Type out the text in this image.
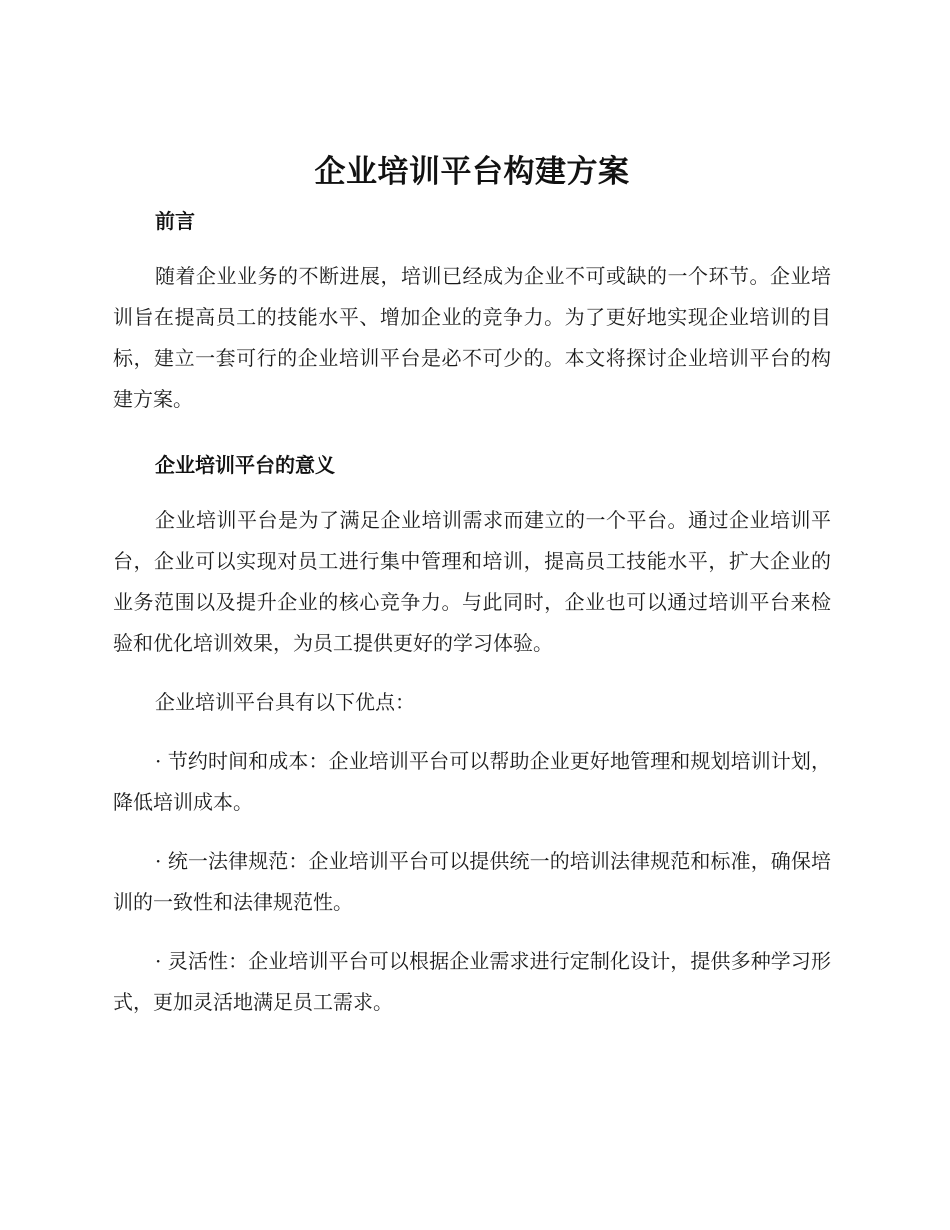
企业培训平台构建方案
前言

随着企业业务的不断进展，培训已经成为企业不可或缺的一个环节。企业培训旨在提高员工的技能水平、增加企业的竞争力。为了更好地实现企业培训的目标，建立一套可行的企业培训平台是必不可少的。本文将探讨企业培训平台的构建方案。

企业培训平台的意义

企业培训平台是为了满足企业培训需求而建立的一个平台。通过企业培训平台，企业可以实现对员工进行集中管理和培训，提高员工技能水平，扩大企业的业务范围以及提升企业的核心竞争力。与此同时，企业也可以通过培训平台来检验和优化培训效果，为员工提供更好的学习体验。

企业培训平台具有以下优点：

· 节约时间和成本：企业培训平台可以帮助企业更好地管理和规划培训计划，降低培训成本。

· 统一法律规范：企业培训平台可以提供统一的培训法律规范和标准，确保培训的一致性和法律规范性。

· 灵活性：企业培训平台可以根据企业需求进行定制化设计，提供多种学习形式，更加灵活地满足员工需求。
